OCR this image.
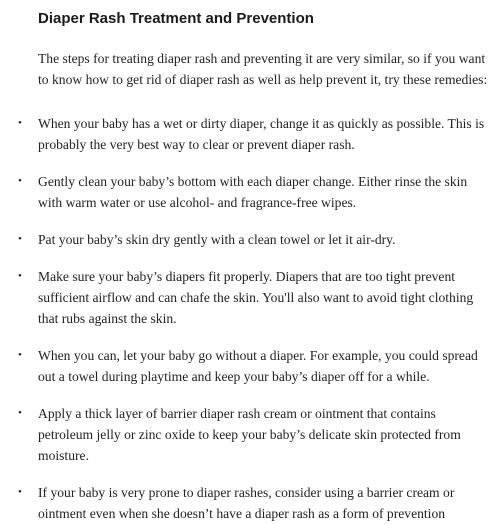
Diaper Rash Treatment and Prevention

The steps for treating diaper rash and preventing it are very similar, so if you want to know how to get rid of diaper rash as well as help prevent it, try these remedies:

• When your baby has a wet or dirty diaper, change it as quickly as possible. This is probably the very best way to clear or prevent diaper rash.
• Gently clean your baby’s bottom with each diaper change. Either rinse the skin with warm water or use alcohol- and fragrance-free wipes.
• Pat your baby’s skin dry gently with a clean towel or let it air-dry.
• Make sure your baby’s diapers fit properly. Diapers that are too tight prevent sufficient airflow and can chafe the skin. You'll also want to avoid tight clothing that rubs against the skin.
• When you can, let your baby go without a diaper. For example, you could spread out a towel during playtime and keep your baby’s diaper off for a while.
• Apply a thick layer of barrier diaper rash cream or ointment that contains petroleum jelly or zinc oxide to keep your baby’s delicate skin protected from moisture.
• If your baby is very prone to diaper rashes, consider using a barrier cream or ointment even when she doesn’t have a diaper rash as a form of prevention
